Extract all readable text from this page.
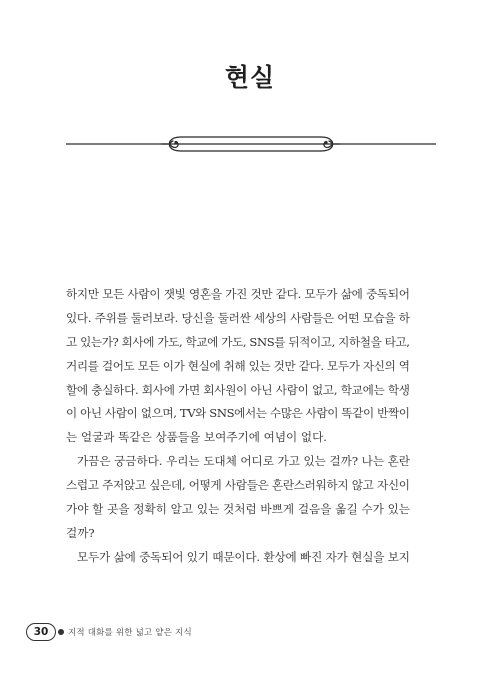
현실
하지만 모든 사람이 잿빛 영혼을 가진 것만 같다. 모두가 삶에 중독되어
있다. 주위를 둘러보라. 당신을 둘러싼 세상의 사람들은 어떤 모습을 하
고 있는가? 회사에 가도, 학교에 가도, SNS를 뒤적이고, 지하철을 타고,
거리를 걸어도 모든 이가 현실에 취해 있는 것만 같다. 모두가 자신의 역
할에 충실하다. 회사에 가면 회사원이 아닌 사람이 없고, 학교에는 학생
이 아닌 사람이 없으며, TV와 SNS에서는 수많은 사람이 똑같이 반짝이
는 얼굴과 똑같은 상품들을 보여주기에 여념이 없다.
가끔은 궁금하다. 우리는 도대체 어디로 가고 있는 걸까? 나는 혼란
스럽고 주저앉고 싶은데, 어떻게 사람들은 혼란스러워하지 않고 자신이
가야 할 곳을 정확히 알고 있는 것처럼 바쁘게 걸음을 옮길 수가 있는
걸까?
모두가 삶에 중독되어 있기 때문이다. 환상에 빠진 자가 현실을 보지
30	지적 대화를 위한 넓고 얕은 지식
